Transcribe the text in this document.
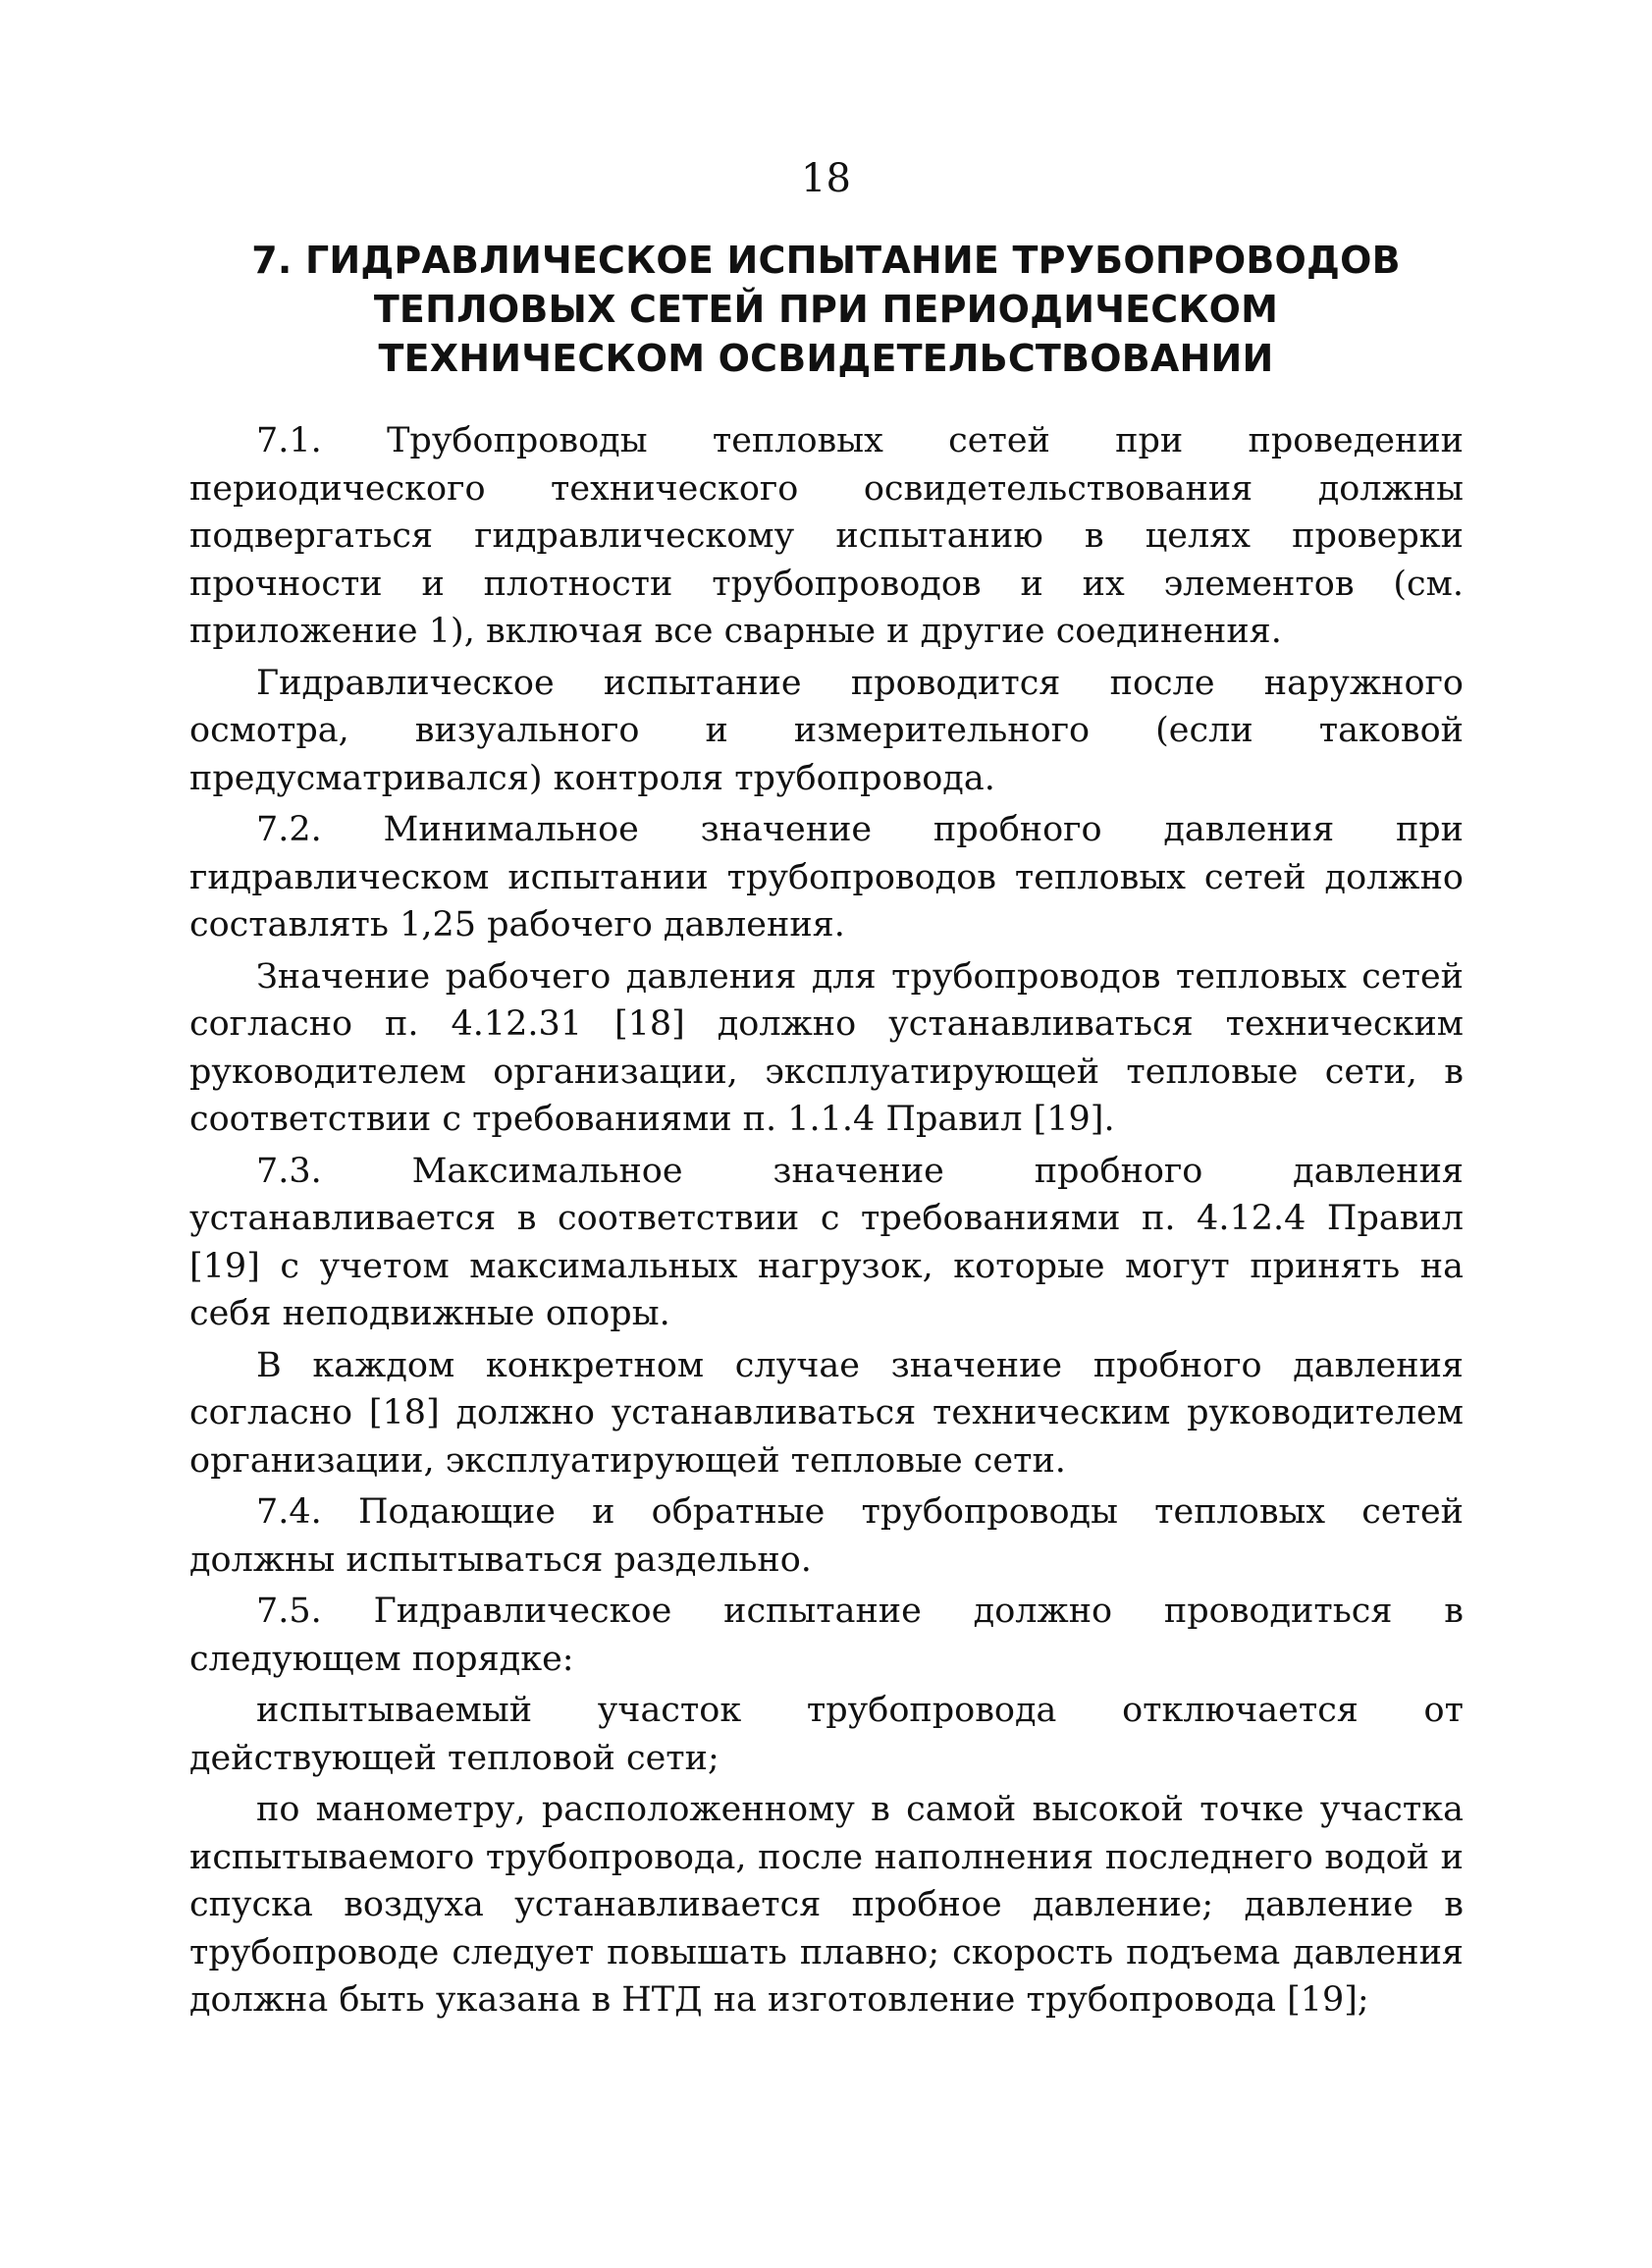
18
7. ГИДРАВЛИЧЕСКОЕ ИСПЫТАНИЕ ТРУБОПРОВОДОВ
ТЕПЛОВЫХ СЕТЕЙ ПРИ ПЕРИОДИЧЕСКОМ
ТЕХНИЧЕСКОМ ОСВИДЕТЕЛЬСТВОВАНИИ

7.1. Трубопроводы тепловых сетей при проведении периодического технического освидетельствования должны подвергаться гидравлическому испытанию в целях проверки прочности и плотности трубопроводов и их элементов (см. приложение 1), включая все сварные и другие соединения.

Гидравлическое испытание проводится после наружного осмотра, визуального и измерительного (если таковой предусматривался) контроля трубопровода.

7.2. Минимальное значение пробного давления при гидравлическом испытании трубопроводов тепловых сетей должно составлять 1,25 рабочего давления.

Значение рабочего давления для трубопроводов тепловых сетей согласно п. 4.12.31 [18] должно устанавливаться техническим руководителем организации, эксплуатирующей тепловые сети, в соответствии с требованиями п. 1.1.4 Правил [19].

7.3. Максимальное значение пробного давления устанавливается в соответствии с требованиями п. 4.12.4 Правил [19] с учетом максимальных нагрузок, которые могут принять на себя неподвижные опоры.

В каждом конкретном случае значение пробного давления согласно [18] должно устанавливаться техническим руководителем организации, эксплуатирующей тепловые сети.

7.4. Подающие и обратные трубопроводы тепловых сетей должны испытываться раздельно.

7.5. Гидравлическое испытание должно проводиться в следующем порядке:

испытываемый участок трубопровода отключается от действующей тепловой сети;

по манометру, расположенному в самой высокой точке участка испытываемого трубопровода, после наполнения последнего водой и спуска воздуха устанавливается пробное давление; давление в трубопроводе следует повышать плавно; скорость подъема давления должна быть указана в НТД на изготовление трубопровода [19];
